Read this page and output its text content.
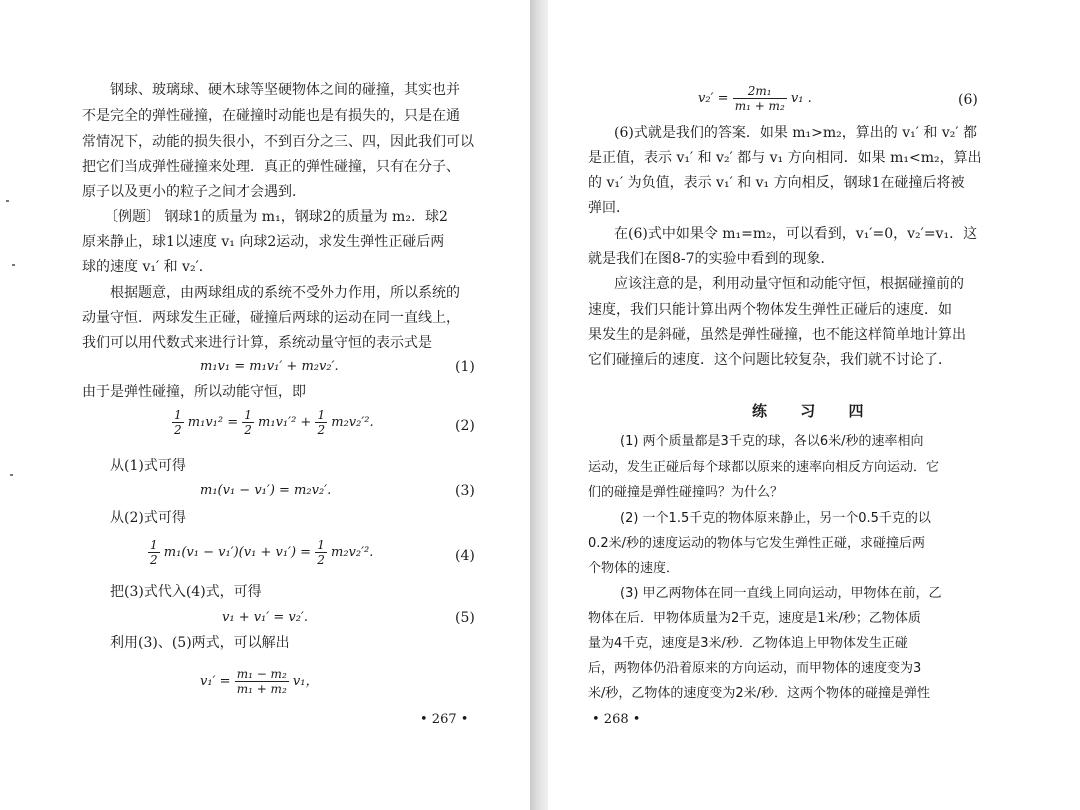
钢球、玻璃球、硬木球等坚硬物体之间的碰撞，其实也并
不是完全的弹性碰撞，在碰撞时动能也是有损失的，只是在通
常情况下，动能的损失很小，不到百分之三、四，因此我们可以
把它们当成弹性碰撞来处理．真正的弹性碰撞，只有在分子、
原子以及更小的粒子之间才会遇到．
〔例题〕 钢球1的质量为 m₁，钢球2的质量为 m₂．球2
原来静止，球1以速度 v₁ 向球2运动，求发生弹性正碰后两
球的速度 v₁′ 和 v₂′．
根据题意，由两球组成的系统不受外力作用，所以系统的
动量守恒．两球发生正碰，碰撞后两球的运动在同一直线上，
我们可以用代数式来进行计算，系统动量守恒的表示式是
m₁v₁ = m₁v₁′ + m₂v₂′.	(1)
由于是弹性碰撞，所以动能守恒，即
$\frac{1}{2} m_1v_1^2 = \frac{1}{2} m_1v_1'^2 + \frac{1}{2} m_2v_2'^2$.	(2)
从(1)式可得
m₁(v₁ − v₁′) = m₂v₂′.	(3)
从(2)式可得
$\frac{1}{2} m_1(v_1 - v_1')(v_1 + v_1') = \frac{1}{2} m_2v_2'^2$.	(4)
把(3)式代入(4)式，可得
v₁ + v₁′ = v₂′.	(5)
利用(3)、(5)两式，可以解出
$v_1' = \frac{\text{m₁ − m₂}}{\text{m₁ + m₂}} v_1$，
• 267 •
$v_2' = \frac{\text{2m₁}}{\text{m₁ + m₂}} v_1$ .	(6)
(6)式就是我们的答案．如果 m₁>m₂，算出的 v₁′ 和 v₂′ 都
是正值，表示 v₁′ 和 v₂′ 都与 v₁ 方向相同．如果 m₁<m₂，算出
的 v₁′ 为负值，表示 v₁′ 和 v₁ 方向相反，钢球1在碰撞后将被
弹回．
在(6)式中如果令 m₁=m₂，可以看到，v₁′=0，v₂′=v₁．这
就是我们在图8-7的实验中看到的现象．
应该注意的是，利用动量守恒和动能守恒，根据碰撞前的
速度，我们只能计算出两个物体发生弹性正碰后的速度．如
果发生的是斜碰，虽然是弹性碰撞，也不能这样简单地计算出
它们碰撞后的速度．这个问题比较复杂，我们就不讨论了．
练 习 四
(1) 两个质量都是3千克的球，各以6米/秒的速率相向
运动，发生正碰后每个球都以原来的速率向相反方向运动．它
们的碰撞是弹性碰撞吗？为什么？
(2) 一个1.5千克的物体原来静止，另一个0.5千克的以
0.2米/秒的速度运动的物体与它发生弹性正碰，求碰撞后两
个物体的速度．
(3) 甲乙两物体在同一直线上同向运动，甲物体在前，乙
物体在后．甲物体质量为2千克，速度是1米/秒；乙物体质
量为4千克，速度是3米/秒．乙物体追上甲物体发生正碰
后，两物体仍沿着原来的方向运动，而甲物体的速度变为3
米/秒，乙物体的速度变为2米/秒．这两个物体的碰撞是弹性
• 268 •
